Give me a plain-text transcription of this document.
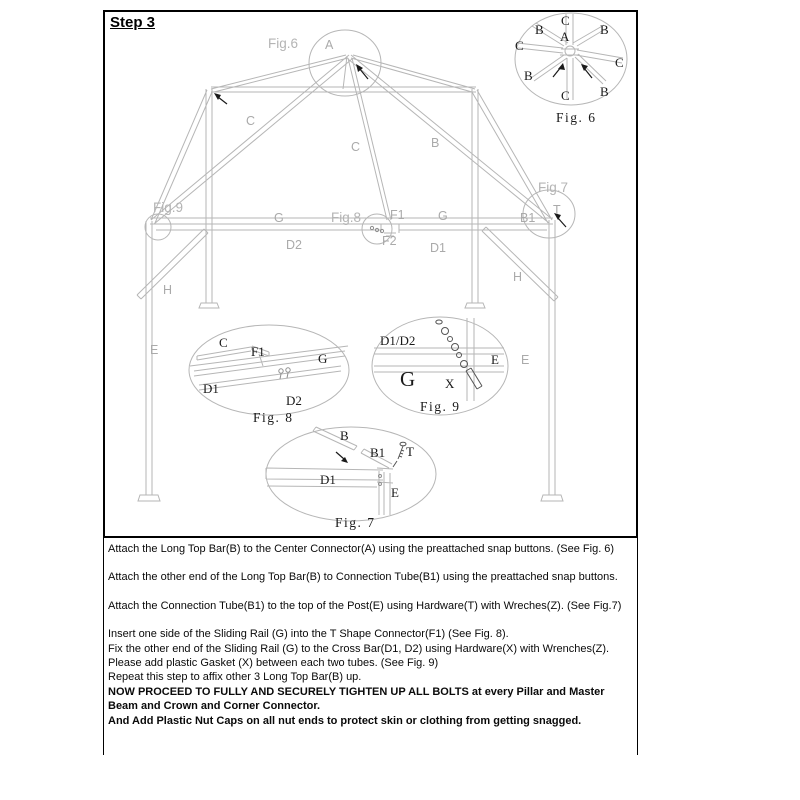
Step 3
Fig.6 A
C
C	B
Fig.7
Fig.9
G	Fig.8 F1	G	B1
T
D2	F2	D1
H
H
E
E
C
B	B
A
C
C
B
B
C
Fig. 6
C
F1	G
D1
D2
Fig. 8
D1/D2
E
G X
Fig. 9
B
B1 T
D1
E
Fig. 7

Attach the Long Top Bar(B) to the Center Connector(A) using the preattached snap buttons. (See Fig. 6)

Attach the other end of the Long Top Bar(B) to Connection Tube(B1) using the preattached snap buttons.

Attach the Connection Tube(B1) to the top of the Post(E) using Hardware(T) with Wreches(Z). (See Fig.7)

Insert one side of the Sliding Rail (G) into the T Shape Connector(F1) (See Fig. 8).

Fix the other end of the Sliding Rail (G) to the Cross Bar(D1, D2) using Hardware(X) with Wrenches(Z).

Please add plastic Gasket (X) between each two tubes. (See Fig. 9)

Repeat this step to affix other 3 Long Top Bar(B) up.

NOW PROCEED TO FULLY AND SECURELY TIGHTEN UP ALL BOLTS at every Pillar and Master Beam and Crown and Corner Connector.

And Add Plastic Nut Caps on all nut ends to protect skin or clothing from getting snagged.
